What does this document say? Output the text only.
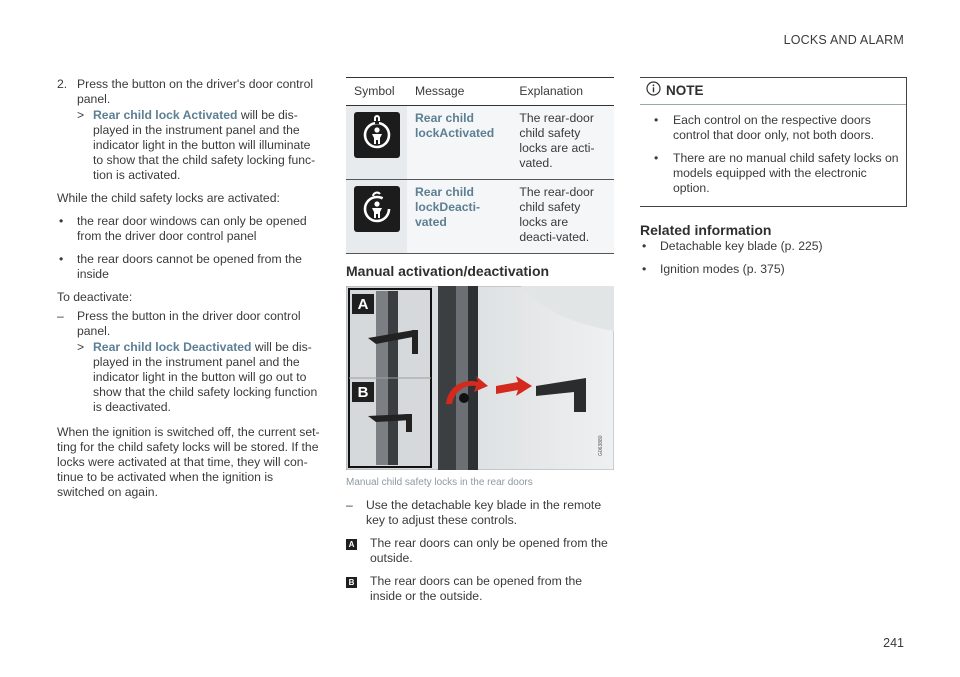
LOCKS AND ALARM
2. Press the button on the driver's door control panel.
> Rear child lock Activated will be dis-played in the instrument panel and the indicator light in the button will illuminate to show that the child safety locking func-tion is activated.

While the child safety locks are activated:

• the rear door windows can only be opened from the driver door control panel
• the rear doors cannot be opened from the inside

To deactivate:

– Press the button in the driver door control panel.
> Rear child lock Deactivated will be dis-played in the instrument panel and the indicator light in the button will go out to show that the child safety locking function is deactivated.

When the ignition is switched off, the current set-ting for the child safety locks will be stored. If the locks were activated at that time, they will con-tinue to be activated when the ignition is switched on again.

Symbol	Message	Explanation

	Rear child lockActivated	The rear-door child safety locks are acti-vated.

	Rear child lockDeacti-vated	The rear-door child safety locks are deacti-vated.
Manual activation/deactivation
A
B
G063880
Manual child safety locks in the rear doors
– Use the detachable key blade in the remote key to adjust these controls.
A The rear doors can only be opened from the outside.
B The rear doors can be opened from the inside or the outside.
NOTE
• Each control on the respective doors control that door only, not both doors.
• There are no manual child safety locks on models equipped with the electronic option.
Related information
• Detachable key blade (p. 225)
• Ignition modes (p. 375)
241
